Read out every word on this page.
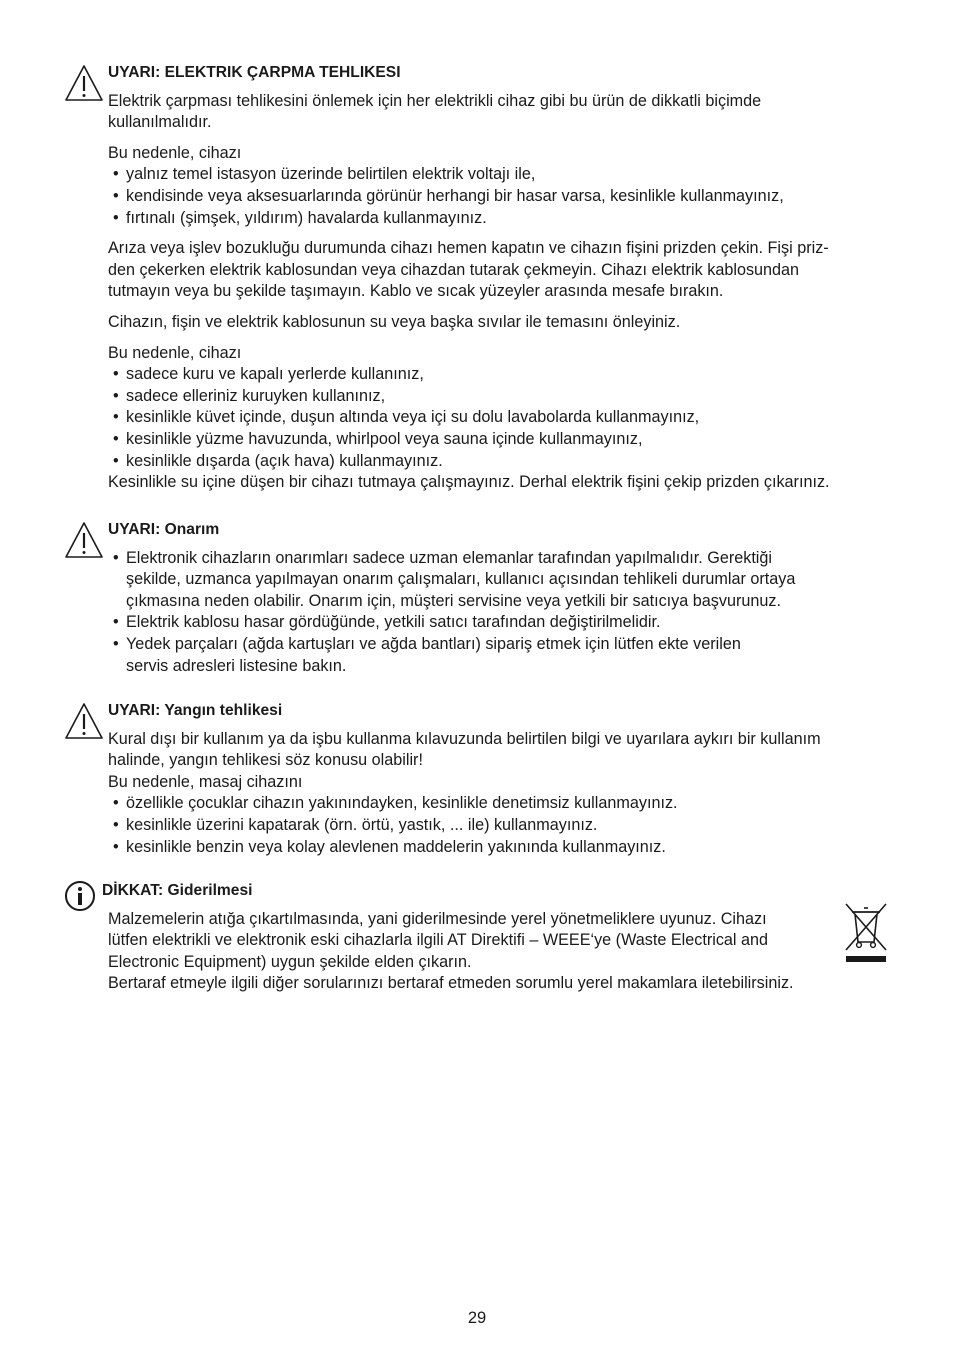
UYARI: ELEKTRIK ÇARPMA TEHLIKESI

Elektrik çarpması tehlikesini önlemek için her elektrikli cihaz gibi bu ürün de dikkatli biçimde
kullanılmalıdır.
Bu nedenle, cihazı
• yalnız temel istasyon üzerinde belirtilen elektrik voltajı ile,
• kendisinde veya aksesuarlarında görünür herhangi bir hasar varsa, kesinlikle kullanmayınız,
• fırtınalı (şimşek, yıldırım) havalarda kullanmayınız.
Arıza veya işlev bozukluğu durumunda cihazı hemen kapatın ve cihazın fişini prizden çekin. Fişi priz-
den çekerken elektrik kablosundan veya cihazdan tutarak çekmeyin. Cihazı elektrik kablosundan
tutmayın veya bu şekilde taşımayın. Kablo ve sıcak yüzeyler arasında mesafe bırakın.
Cihazın, fişin ve elektrik kablosunun su veya başka sıvılar ile temasını önleyiniz.
Bu nedenle, cihazı
• sadece kuru ve kapalı yerlerde kullanınız,
• sadece elleriniz kuruyken kullanınız,
• kesinlikle küvet içinde, duşun altında veya içi su dolu lavabolarda kullanmayınız,
• kesinlikle yüzme havuzunda, whirlpool veya sauna içinde kullanmayınız,
• kesinlikle dışarda (açık hava) kullanmayınız.
Kesinlikle su içine düşen bir cihazı tutmaya çalışmayınız. Derhal elektrik fişini çekip prizden çıkarınız.

UYARI: Onarım

• Elektronik cihazların onarımları sadece uzman elemanlar tarafından yapılmalıdır. Gerektiği
şekilde, uzmanca yapılmayan onarım çalışmaları, kullanıcı açısından tehlikeli durumlar ortaya
çıkmasına neden olabilir. Onarım için, müşteri servisine veya yetkili bir satıcıya başvurunuz.
• Elektrik kablosu hasar gördüğünde, yetkili satıcı tarafından değiştirilmelidir.
• Yedek parçaları (ağda kartuşları ve ağda bantları) sipariş etmek için lütfen ekte verilen
servis adresleri listesine bakın.

UYARI: Yangın tehlikesi

Kural dışı bir kullanım ya da işbu kullanma kılavuzunda belirtilen bilgi ve uyarılara aykırı bir kullanım
halinde, yangın tehlikesi söz konusu olabilir!
Bu nedenle, masaj cihazını
• özellikle çocuklar cihazın yakınındayken, kesinlikle denetimsiz kullanmayınız.
• kesinlikle üzerini kapatarak (örn. örtü, yastık, ... ile) kullanmayınız.
• kesinlikle benzin veya kolay alevlenen maddelerin yakınında kullanmayınız.

DİKKAT: Giderilmesi

Malzemelerin atığa çıkartılmasında, yani giderilmesinde yerel yönetmeliklere uyunuz. Cihazı
lütfen elektrikli ve elektronik eski cihazlarla ilgili AT Direktifi – WEEE‘ye (Waste Electrical and
Electronic Equipment) uygun şekilde elden çıkarın.
Bertaraf etmeyle ilgili diğer sorularınızı bertaraf etmeden sorumlu yerel makamlara iletebilirsiniz.
29
